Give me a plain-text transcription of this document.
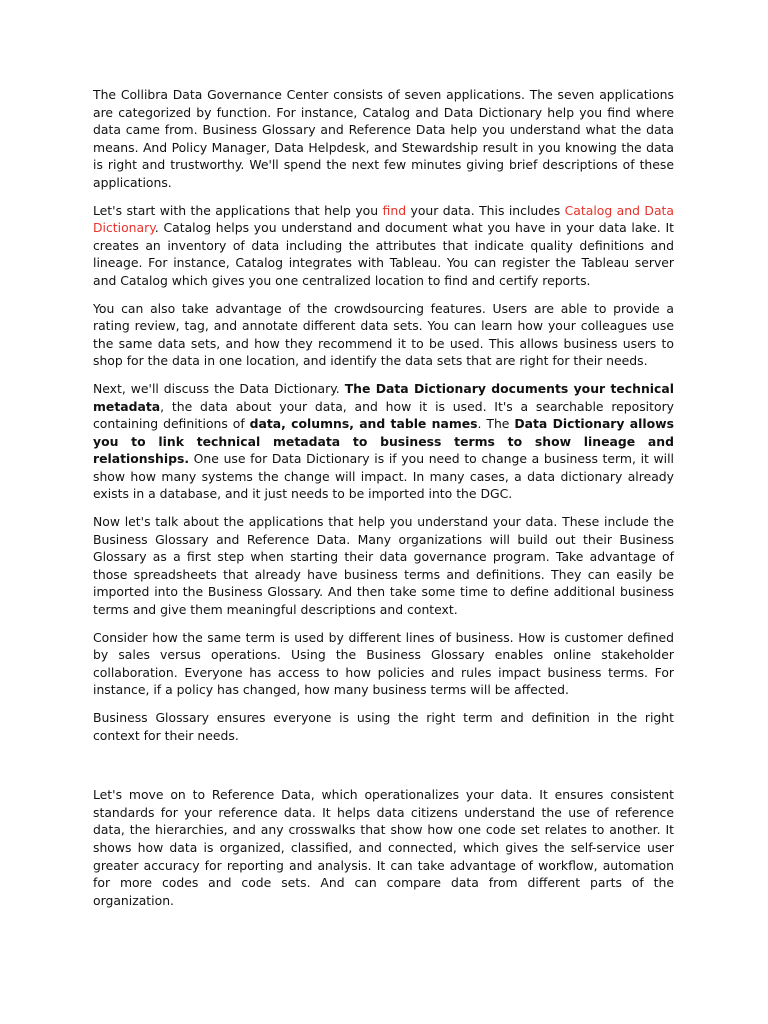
The Collibra Data Governance Center consists of seven applications. The seven applications are categorized by function. For instance, Catalog and Data Dictionary help you find where data came from. Business Glossary and Reference Data help you understand what the data means. And Policy Manager, Data Helpdesk, and Stewardship result in you knowing the data is right and trustworthy. We'll spend the next few minutes giving brief descriptions of these applications.

Let's start with the applications that help you find your data. This includes Catalog and Data Dictionary. Catalog helps you understand and document what you have in your data lake. It creates an inventory of data including the attributes that indicate quality definitions and lineage. For instance, Catalog integrates with Tableau. You can register the Tableau server and Catalog which gives you one centralized location to find and certify reports.

You can also take advantage of the crowdsourcing features. Users are able to provide a rating review, tag, and annotate different data sets. You can learn how your colleagues use the same data sets, and how they recommend it to be used. This allows business users to shop for the data in one location, and identify the data sets that are right for their needs.

Next, we'll discuss the Data Dictionary. The Data Dictionary documents your technical metadata, the data about your data, and how it is used. It's a searchable repository containing definitions of data, columns, and table names. The Data Dictionary allows you to link technical metadata to business terms to show lineage and relationships. One use for Data Dictionary is if you need to change a business term, it will show how many systems the change will impact. In many cases, a data dictionary already exists in a database, and it just needs to be imported into the DGC.

Now let's talk about the applications that help you understand your data. These include the Business Glossary and Reference Data. Many organizations will build out their Business Glossary as a first step when starting their data governance program. Take advantage of those spreadsheets that already have business terms and definitions. They can easily be imported into the Business Glossary. And then take some time to define additional business terms and give them meaningful descriptions and context.

Consider how the same term is used by different lines of business. How is customer defined by sales versus operations. Using the Business Glossary enables online stakeholder collaboration. Everyone has access to how policies and rules impact business terms. For instance, if a policy has changed, how many business terms will be affected.

Business Glossary ensures everyone is using the right term and definition in the right context for their needs.

Let's move on to Reference Data, which operationalizes your data. It ensures consistent standards for your reference data. It helps data citizens understand the use of reference data, the hierarchies, and any crosswalks that show how one code set relates to another. It shows how data is organized, classified, and connected, which gives the self-service user greater accuracy for reporting and analysis. It can take advantage of workflow, automation for more codes and code sets. And can compare data from different parts of the organization.
